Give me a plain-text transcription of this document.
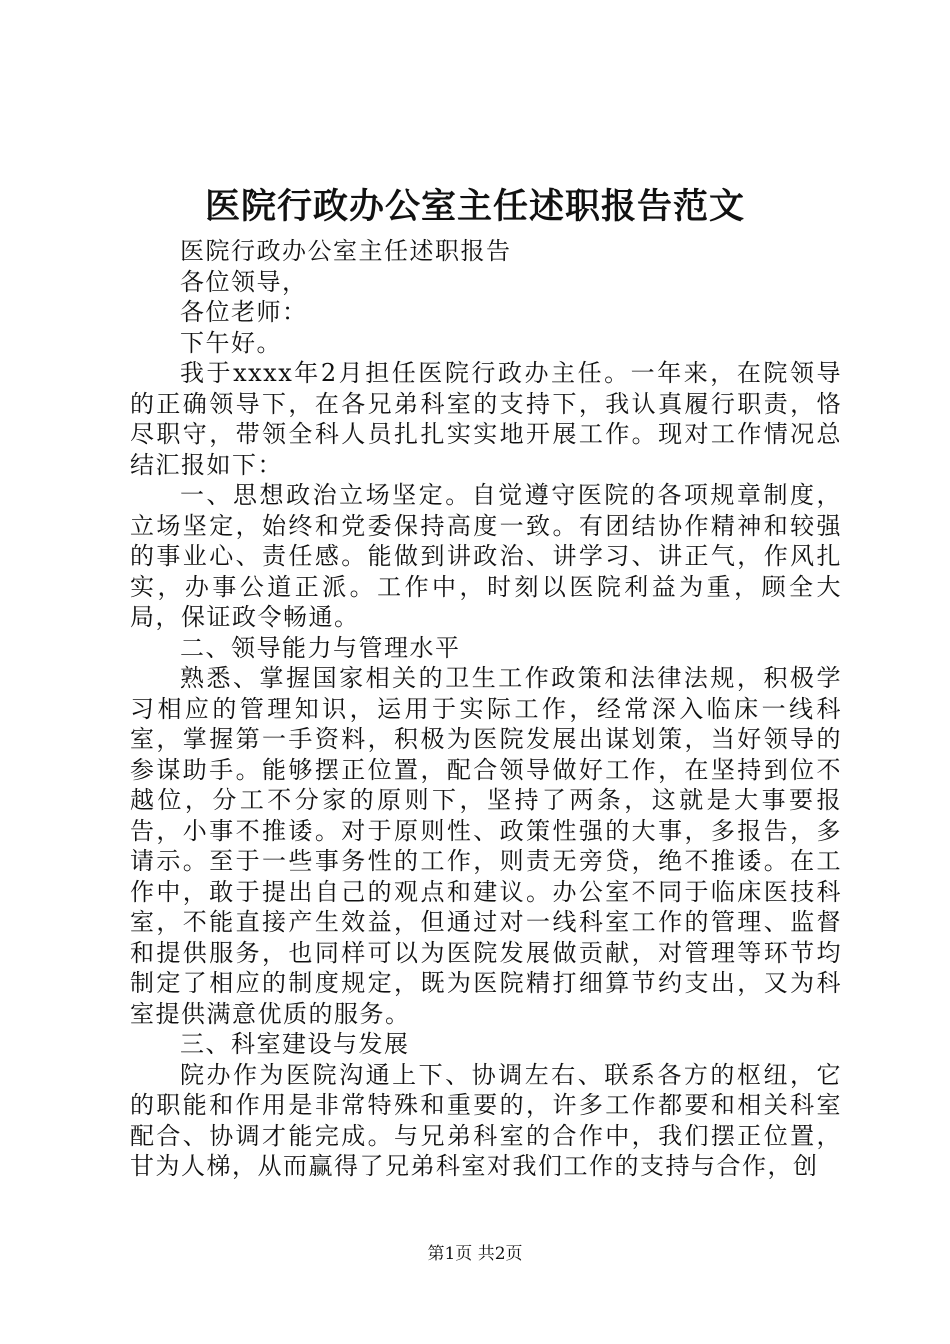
医院行政办公室主任述职报告范文

医院行政办公室主任述职报告

各位领导，

各位老师：

下午好。

我于xxxx年2月担任医院行政办主任。一年来，在院领导的正确领导下，在各兄弟科室的支持下，我认真履行职责，恪尽职守，带领全科人员扎扎实实地开展工作。现对工作情况总结汇报如下：

一、思想政治立场坚定。自觉遵守医院的各项规章制度，立场坚定，始终和党委保持高度一致。有团结协作精神和较强的事业心、责任感。能做到讲政治、讲学习、讲正气，作风扎实，办事公道正派。工作中，时刻以医院利益为重，顾全大局，保证政令畅通。

二、领导能力与管理水平

熟悉、掌握国家相关的卫生工作政策和法律法规，积极学习相应的管理知识，运用于实际工作，经常深入临床一线科室，掌握第一手资料，积极为医院发展出谋划策，当好领导的参谋助手。能够摆正位置，配合领导做好工作，在坚持到位不越位，分工不分家的原则下，坚持了两条，这就是大事要报告，小事不推诿。对于原则性、政策性强的大事，多报告，多请示。至于一些事务性的工作，则责无旁贷，绝不推诿。在工作中，敢于提出自己的观点和建议。办公室不同于临床医技科室，不能直接产生效益，但通过对一线科室工作的管理、监督和提供服务，也同样可以为医院发展做贡献，对管理等环节均制定了相应的制度规定，既为医院精打细算节约支出，又为科室提供满意优质的服务。

三、科室建设与发展

院办作为医院沟通上下、协调左右、联系各方的枢纽，它的职能和作用是非常特殊和重要的，许多工作都要和相关科室配合、协调才能完成。与兄弟科室的合作中，我们摆正位置，甘为人梯，从而赢得了兄弟科室对我们工作的支持与合作，创

第1页 共2页
